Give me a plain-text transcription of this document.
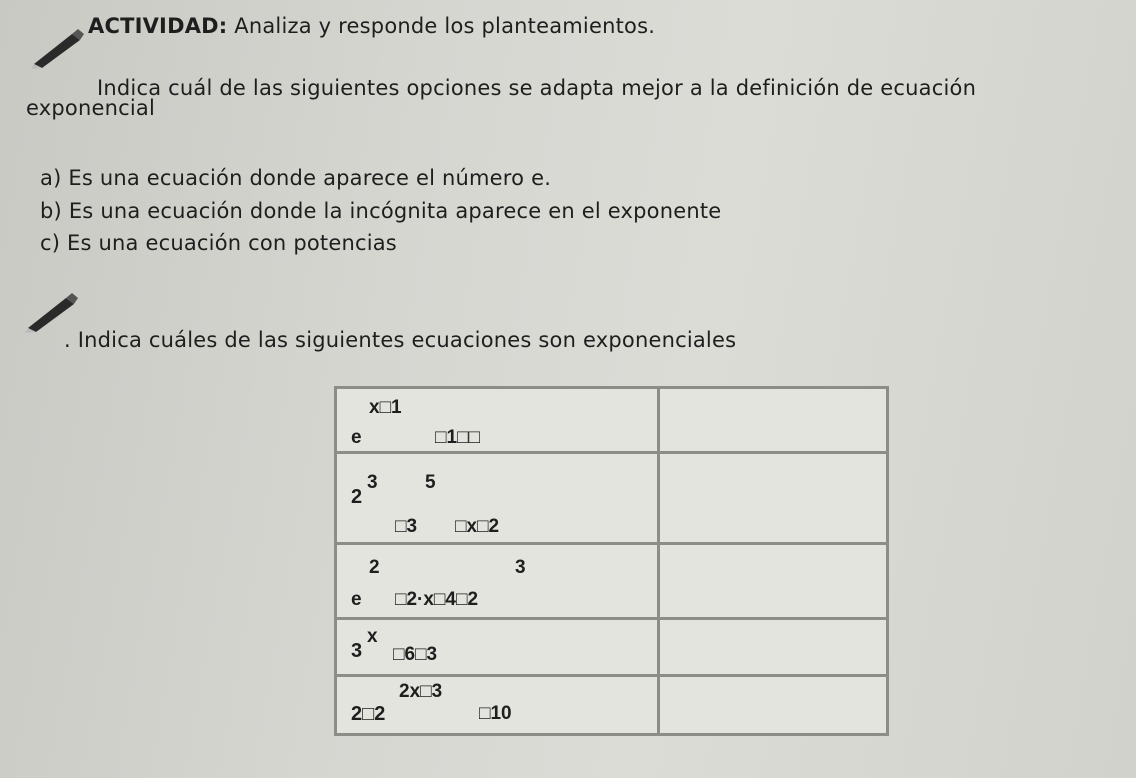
ACTIVIDAD: Analiza y responde los planteamientos.
Indica cuál de las siguientes opciones se adapta mejor a la definición de ecuación
exponencial
a) Es una ecuación donde aparece el número e.
b) Es una ecuación donde la incógnita aparece en el exponente
c) Es una ecuación con potencias
. Indica cuáles de las siguientes ecuaciones son exponenciales
x□1
e □1□□	

3 5
2
□3 □x□2	

2 3
e □2·x□4□2	

x
3 □6□3	

2x□3
2□2 □10	
